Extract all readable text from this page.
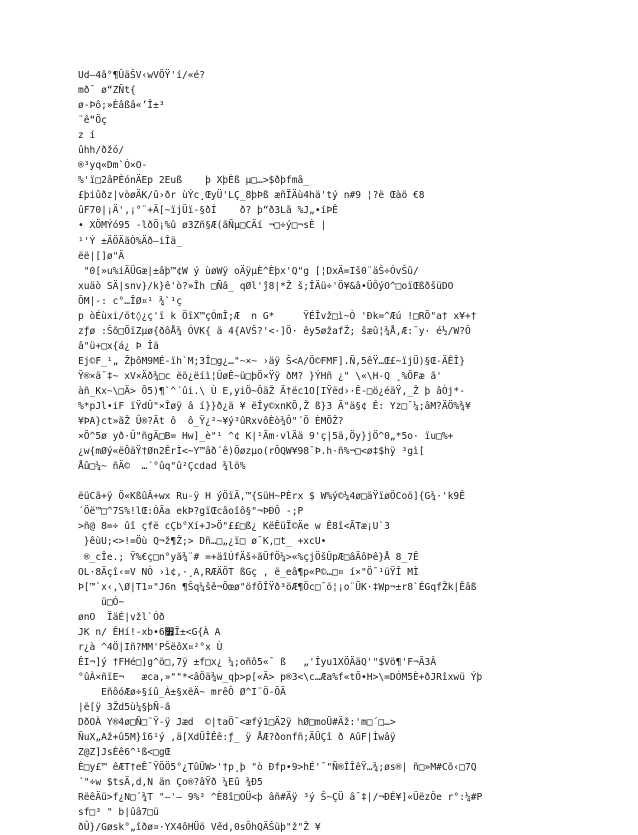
Ud—4â°¶ÛäŠV‹wVÖŸ'í/«é?
mð¯ ø“ZÑt{
ø-Þô;»Èâßâ«’Î±³
¨ê“Öç
z í
ûhh/ðžó/
®³yq«Dm`Ó×O-
%'ï□2âPÈónÄEp 2Euß    þ XþÈß µ□…>$ðþfmâ_
£þiûðz|vòøÄK/û›ðr ùÝc¸ŒyÜ'LÇ_8þÞß æñÏÄù4hä'tý n#9 ¦?ë Œàö €8
ûF70|¡Ä',¡°¨+Ä[~ïjÜï-§ðÍ    ð? þ“ð3Lã %J„•íÞÊ
• XÖMÝó95 -lðÖ¡%û ø3Zñ§Æ(ãÑµ□CÄí ¬□÷ý□¬sÈ |
¹'Ý ±ÄÖÄãÒ%Äð–iÎä_
ëë|[]ø"Ä
"0[»u%iÃÜGæ|±âþ™¢W ý ùøWÿ oÄÿµÈ^Èþx'Q"g [¦DxÄ=Iš0¨äŠ÷ÓvŠû/
xuäò SÄ|snv}/k}ê'ò?»Îh □Ñâ_ qØl'ĵ8|*Ž š;ÎÄü÷'Ö¥&â•ÜÔýO^□oïŒßðšüDO
ÕM|-: c°…ÎØ¤¹ ¾`¹ç
p òÉùxi/öt◊¿ç'ï k ÖïX™çÓmÎ;Æ  n G*     ŸÉÎvž□ì~Ò 'Ðk=^Æú !□RÕ"a† x¥+†
zƒø :Šõ□ÕïZµø{ðôÅ¾ ÓVK{ ä 4{AVŠ?'<·]Ö· êy5øžafŽ; šæû¦¾Å,Æ:¯y· é½/W?Ô
â"ü+□x{á¿ Þ Îä
Ej©F_¹„ ŽþôM9MÉ-ïh`M;3Î□g¿…"~×~ ›äÿ Š<A/Ö©FMF].Ñ,5êŸ…Œ£~ïjÜ)§Œ-ÄÊÎ}
Ÿ®×ä¯‡~ xV×Äð¾□c ëö¿ëíì¦ÛøÊ~ü□þÖ×Ÿÿ ðM? }ÝHñ ¿" \«\H-Q ¸%ÕFæ ã'
àñ_Kx~\□Ä> Õ5)¶`^´ûi.\ Ù E,yiÖ~ÔäŽ Ã†ëc1O[IŸëd›·Ê-□ö¿éäŸ,_Ž þ âÒj*-
%*pJl•iF ïŸdÛ"×Îøÿ â í}}ð¿ä ¥ ëÎy©xnKÕ,Ž ß}3 Ã"ä§¢ Ê: Yz□¯¼;âM?ÄÖ%¾¥
¥ÞA}ct»ãŽ Û®?Ãt ô  ô_Ÿ¿²~¥ý³ûRxvôÈò¾Ô"´Ö ÈMÖŽ?
×Ö^5ø yð·Û"ñgÄ□B= Hw]_è"¹ ^¢ K|¹Ãm·vlÄä 9'ç|5ä,Öy}jÖ^0„*5o· ïu□%+
¿w{mØý«ëÔäŸ†Øn2ÊrÌ<~Y™âð´ê)Öøzµo(rÔQW¥98¯Þ.h·ñ%¬□<ø‡$hÿ ³gì[
Åû□¼~ ñÄ©  …´°ûq"û²Çcdad ¾lö%
ëüCã+ÿ Ö«KßûÂ+wx Ru-ÿ H ýÖïÄ,™{SüH~PÈrx $ W%ý©¼4ø□äŸïøÖCoö]{G¾·'k9Ê
´Öë™□^7S%!lŒ:ÒÃa ekÞ?gïŒcâoîô§"¬ÞÐÔ -;P
>ñ@ 8=÷ ûî çfë cÇb°Xí+J>Ö"££□ß¿ KëÊüÏ©Äe w Ê8î<ÃTæ¡U`3
}êùU;<>!=Öù Q¬ž¶Ž;> Dñ…□„¿ï□ ø¯K,□t_ +xcU•
®_cÎe.; Ÿ%€ç□n°yã¾¨# =+äîÚfÄš÷ãÜfÖ¼>«%çjÖšÛpÆ□âÃôÞê}Å 8_7Ê
OL·8Ãçî‹=V NÒ ›ì¢,·¸A,RÆÄÖT ßGç , ë_eâ¶p«P©…□¤ í×"Ö¯¹üŸÎ MÌ
Þ[™`x‹,\Ø|T1¤"J6n ¶Šq¼šê¬Öœø"öfÖÎŸð³öÆ¶Öc□¯ö¦¡o¨ÜK·‡Wp¬±r8`ÉGqfŽk|Êâß
ü□Ó~
ønO  ÏäÉ|vžl`Óð
JK n/ ÊHí!-xb•׿6Ï±<G{À A
r¿à ^4Ö|Iñ?MM'PŠëôX¤²°x Ù
ÊI¬]ý †FHé□]g^ö□,7ÿ ±f□x¿ ¼;oñô5«¯ ß   „'Îyu1XÖÄäQ'"$Vö¶'F¬Ã3Â
°ûÀ×ñïE¬   æca,»""*<âÖä¾w_qþ>p[«Ä> p®3<\c…Æa%f«tÖ•H>\=DÓM5È+ðJRîxwü Ýþ
EñôóÆø÷§íû_Á±§xëÄ~ mrêÔ Ø^I¨Ö-ÕÄ
|ë[ÿ 3Žd5ù¼§þÑ-ã
DðOÀ Y®4ø□Ñ□¨Ÿ-ÿ Jæd  ©|taÖ¯<æfý1□Ä2ÿ hØ□moÜ#Äž:'m□´□…>
ÑuX„Až+û5M}î6¹ý ,ä[XdÜÎÊê:ƒ_ ÿ ÅÆ?ðonfñ;ÄÜÇî ð AûF|Ìwâÿ
Z@Z]JsÈê6^¹ß<□gŒ
È□y£™ êÆT†eÊ¯ŸÖÖ5°¿TûÜW>'†p¸þ "ò Ðfp•9>hÉ'¯"Ñ®ÎÎêŸ…¾;øs®| ñ□»M#Cõ‹□7Q
´"÷w $tsÄ,d,N än Ço®?âŸð ¼Eû ¾Ð5
RëêÄü>f¿N□´¾T "—'— 9%³ ^È8î□OÜ<þ âñ#Äÿ ³ý Š~ÇÜ â¯‡|/¬ÐÉ¥]«ÜëzÔe r°:¼#P
sf□³ " b|ûâ7□ü
ðÛ}/Gøsk°„îðø¤·YX4ôHÜö Vêd,0sÔhQÄŠüþ"ž"Ž ¥
